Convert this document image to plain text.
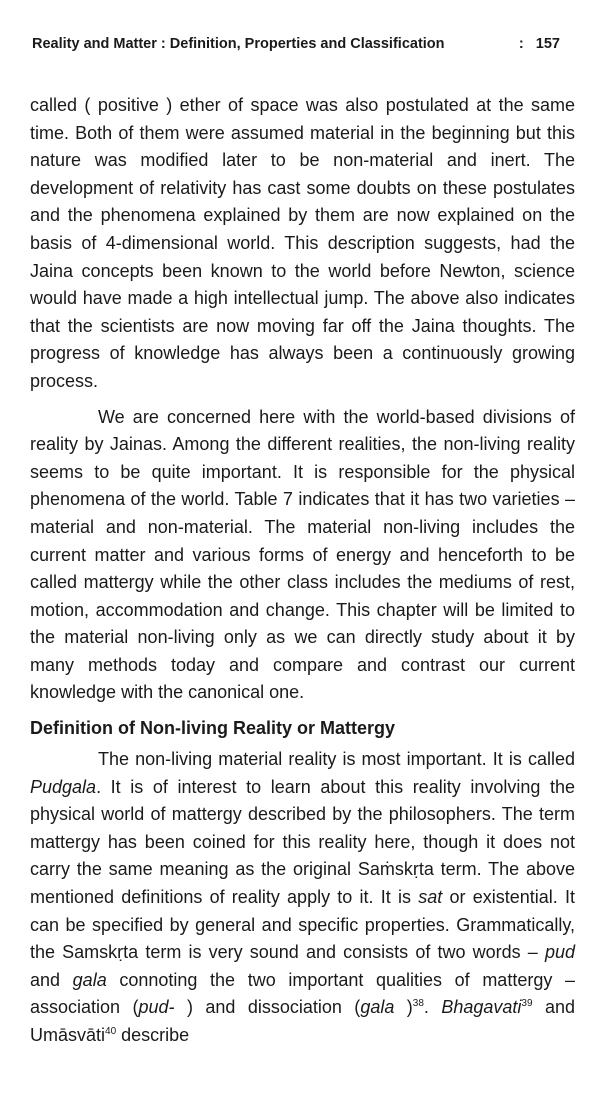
Reality and Matter : Definition, Properties and Classification	: 157

called ( positive ) ether of space was also postulated at the same time. Both of them were assumed material in the beginning but this nature was modified later to be non-material and inert. The development of relativity has cast some doubts on these postulates and the phenomena explained by them are now explained on the basis of 4-dimensional world. This description suggests, had the Jaina concepts been known to the world before Newton, science would have made a high intellectual jump. The above also indicates that the scientists are now moving far off the Jaina thoughts. The progress of knowledge has always been a continuously growing process.

We are concerned here with the world-based divisions of reality by Jainas. Among the different realities, the non-living reality seems to be quite important. It is responsible for the physical phenomena of the world. Table 7 indicates that it has two varieties – material and non-material. The material non-living includes the current matter and various forms of energy and henceforth to be called mattergy while the other class includes the mediums of rest, motion, accommodation and change. This chapter will be limited to the material non-living only as we can directly study about it by many methods today and compare and contrast our current knowledge with the canonical one.

Definition of Non-living Reality or Mattergy

The non-living material reality is most important. It is called Pudgala. It is of interest to learn about this reality involving the physical world of mattergy described by the philosophers. The term mattergy has been coined for this reality here, though it does not carry the same meaning as the original Saṁskṛta term. The above mentioned definitions of reality apply to it. It is sat or existential. It can be specified by general and specific properties. Grammatically, the Samskṛta term is very sound and consists of two words – pud and gala connoting the two important qualities of mattergy – association (pud- ) and dissociation (gala )$^{38}$. Bhagavati$^{39}$ and Umāsvāti$^{40}$ describe
